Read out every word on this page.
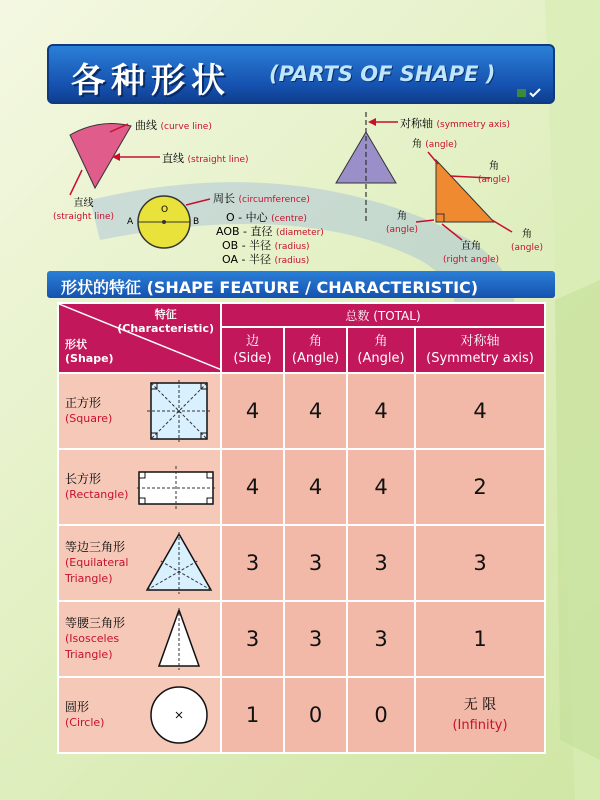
各种形状 (PARTS OF SHAPE )
曲线 (curve line)
直线 (straight line)
直线
(straight line)
周长 (circumference)
A
O
B O - 中心 (centre)
AOB - 直径 (diameter)
OB - 半径 (radius)
OA - 半径 (radius)
对称轴 (symmetry axis)
角 (angle)
角
(angle)
角
(angle)	角
(angle)
直角
(right angle)
形状的特征 (SHAPE FEATURE / CHARACTERISTIC)
特征
(Characteristic)
形状
(Shape)	总数 (TOTAL)			
	边
(Side)	角
(Angle)	角
(Angle)	对称轴
(Symmetry axis)

正方形
(Square)	4	4	4	4

长方形
(Rectangle)	4	4	4	2

等边三角形
(Equilateral Triangle)	3	3	3	3

等腰三角形
(Isosceles Triangle)	3	3	3	1

圆形
(Circle)	1	0	0	无 限
(Infinity)
